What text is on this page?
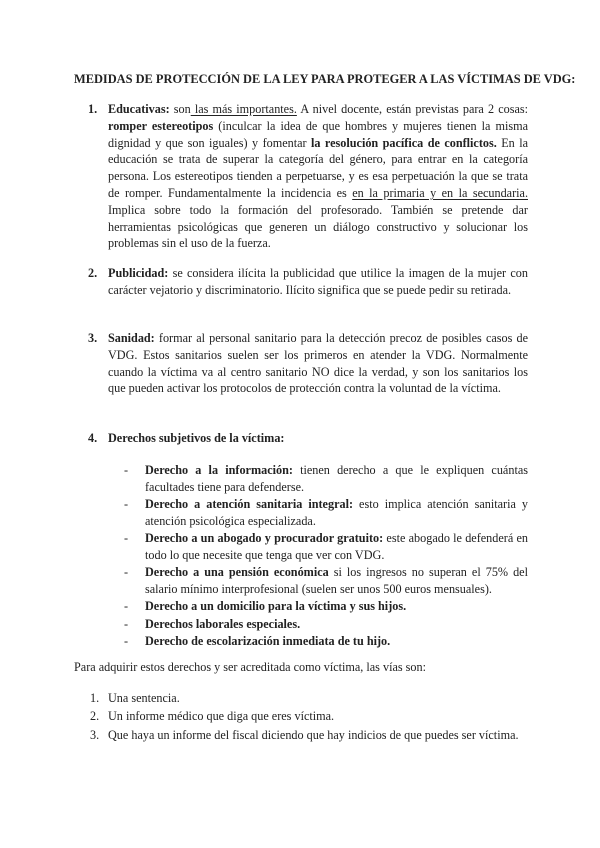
MEDIDAS DE PROTECCIÓN DE LA LEY PARA PROTEGER A LAS VÍCTIMAS DE VDG:
1. Educativas: son las más importantes. A nivel docente, están previstas para 2 cosas: romper estereotipos (inculcar la idea de que hombres y mujeres tienen la misma dignidad y que son iguales) y fomentar la resolución pacífica de conflictos. En la educación se trata de superar la categoría del género, para entrar en la categoría persona. Los estereotipos tienden a perpetuarse, y es esa perpetuación la que se trata de romper. Fundamentalmente la incidencia es en la primaria y en la secundaria. Implica sobre todo la formación del profesorado. También se pretende dar herramientas psicológicas que generen un diálogo constructivo y solucionar los problemas sin el uso de la fuerza.

2. Publicidad: se considera ilícita la publicidad que utilice la imagen de la mujer con carácter vejatorio y discriminatorio. Ilícito significa que se puede pedir su retirada.

3. Sanidad: formar al personal sanitario para la detección precoz de posibles casos de VDG. Estos sanitarios suelen ser los primeros en atender la VDG. Normalmente cuando la víctima va al centro sanitario NO dice la verdad, y son los sanitarios los que pueden activar los protocolos de protección contra la voluntad de la víctima.

4. Derechos subjetivos de la víctima:

- Derecho a la información: tienen derecho a que le expliquen cuántas facultades tiene para defenderse.
- Derecho a atención sanitaria integral: esto implica atención sanitaria y atención psicológica especializada.
- Derecho a un abogado y procurador gratuito: este abogado le defenderá en todo lo que necesite que tenga que ver con VDG.
- Derecho a una pensión económica si los ingresos no superan el 75% del salario mínimo interprofesional (suelen ser unos 500 euros mensuales).
- Derecho a un domicilio para la víctima y sus hijos.
- Derechos laborales especiales.
- Derecho de escolarización inmediata de tu hijo.

Para adquirir estos derechos y ser acreditada como víctima, las vías son:

1. Una sentencia.
2. Un informe médico que diga que eres víctima.
3. Que haya un informe del fiscal diciendo que hay indicios de que puedes ser víctima.
